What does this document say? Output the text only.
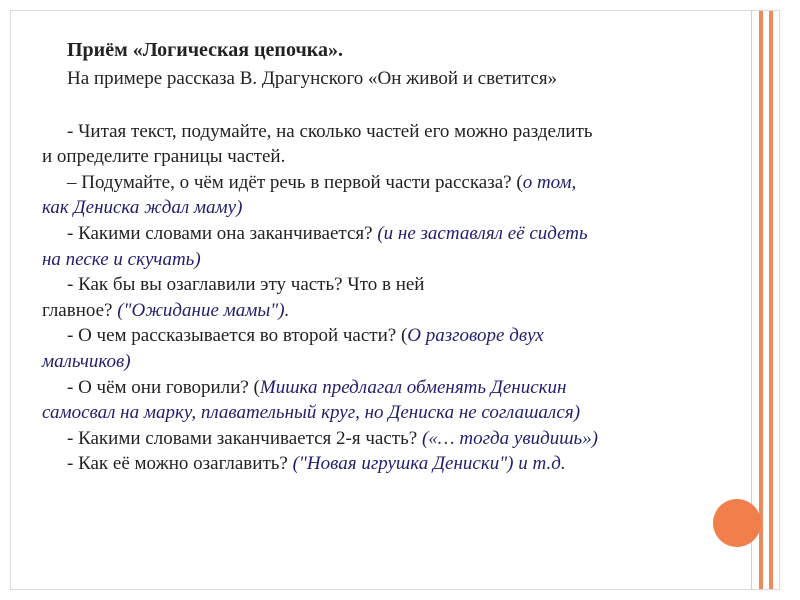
Приём «Логическая цепочка».
На примере рассказа В. Драгунского «Он живой и светится»
- Читая текст, подумайте, на сколько частей его можно разделить
и определите границы частей.
– Подумайте, о чём идёт речь в первой части рассказа? (о том,
как Дениска ждал маму)
- Какими словами она заканчивается? (и не заставлял её сидеть
на песке и скучать)
- Как бы вы озаглавили эту часть? Что в ней
главное? ("Ожидание мамы").
- О чем рассказывается во второй части? (О разговоре двух
мальчиков)
- О чём они говорили? (Мишка предлагал обменять Денискин
самосвал на марку, плавательный круг, но Дениска не соглашался)
- Какими словами заканчивается 2-я часть? («… тогда увидишь»)
- Как её можно озаглавить? ("Новая игрушка Дениски") и т.д.
